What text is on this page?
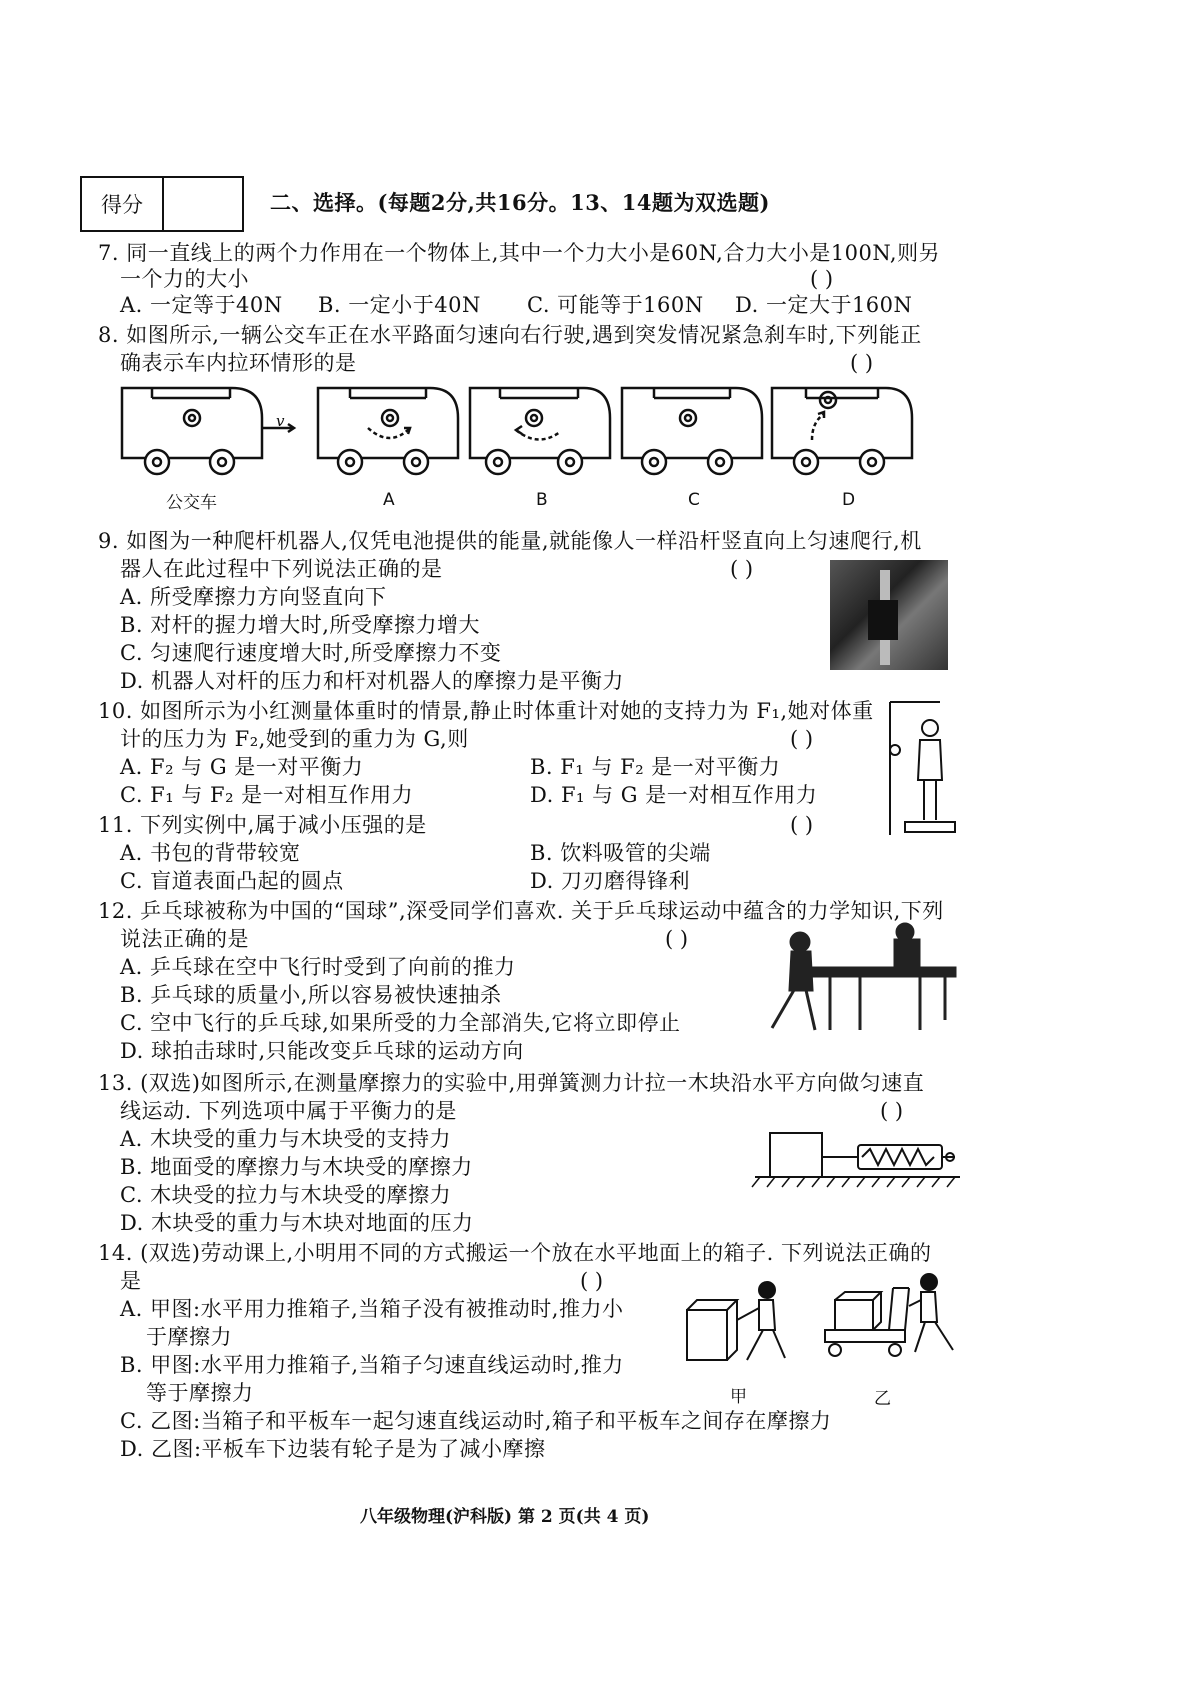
得分	二、选择。(每题2分,共16分。13、14题为双选题)
7. 同一直线上的两个力作用在一个物体上,其中一个力大小是60N,合力大小是100N,则另
一个力的大小	( )
A. 一定等于40N B. 一定小于40N C. 可能等于160N D. 一定大于160N
8. 如图所示,一辆公交车正在水平路面匀速向右行驶,遇到突发情况紧急刹车时,下列能正
确表示车内拉环情形的是	( )
v
公交车	A	B	C	D
9. 如图为一种爬杆机器人,仅凭电池提供的能量,就能像人一样沿杆竖直向上匀速爬行,机
器人在此过程中下列说法正确的是	( )
A. 所受摩擦力方向竖直向下
B. 对杆的握力增大时,所受摩擦力增大
C. 匀速爬行速度增大时,所受摩擦力不变
D. 机器人对杆的压力和杆对机器人的摩擦力是平衡力
10. 如图所示为小红测量体重时的情景,静止时体重计对她的支持力为 F₁,她对体重
计的压力为 F₂,她受到的重力为 G,则	( )
A. F₂ 与 G 是一对平衡力	B. F₁ 与 F₂ 是一对平衡力
C. F₁ 与 F₂ 是一对相互作用力	D. F₁ 与 G 是一对相互作用力
11. 下列实例中,属于减小压强的是	( )
A. 书包的背带较宽	B. 饮料吸管的尖端
C. 盲道表面凸起的圆点	D. 刀刃磨得锋利
12. 乒乓球被称为中国的“国球”,深受同学们喜欢. 关于乒乓球运动中蕴含的力学知识,下列
说法正确的是	( )
A. 乒乓球在空中飞行时受到了向前的推力
B. 乒乓球的质量小,所以容易被快速抽杀
C. 空中飞行的乒乓球,如果所受的力全部消失,它将立即停止
D. 球拍击球时,只能改变乒乓球的运动方向
13. (双选)如图所示,在测量摩擦力的实验中,用弹簧测力计拉一木块沿水平方向做匀速直
线运动. 下列选项中属于平衡力的是	( )
A. 木块受的重力与木块受的支持力
B. 地面受的摩擦力与木块受的摩擦力
C. 木块受的拉力与木块受的摩擦力
D. 木块受的重力与木块对地面的压力
14. (双选)劳动课上,小明用不同的方式搬运一个放在水平地面上的箱子. 下列说法正确的
是	( )
A. 甲图:水平用力推箱子,当箱子没有被推动时,推力小
于摩擦力
B. 甲图:水平用力推箱子,当箱子匀速直线运动时,推力
等于摩擦力
C. 乙图:当箱子和平板车一起匀速直线运动时,箱子和平板车之间存在摩擦力
D. 乙图:平板车下边装有轮子是为了减小摩擦
甲	乙
八年级物理(沪科版) 第 2 页(共 4 页)
